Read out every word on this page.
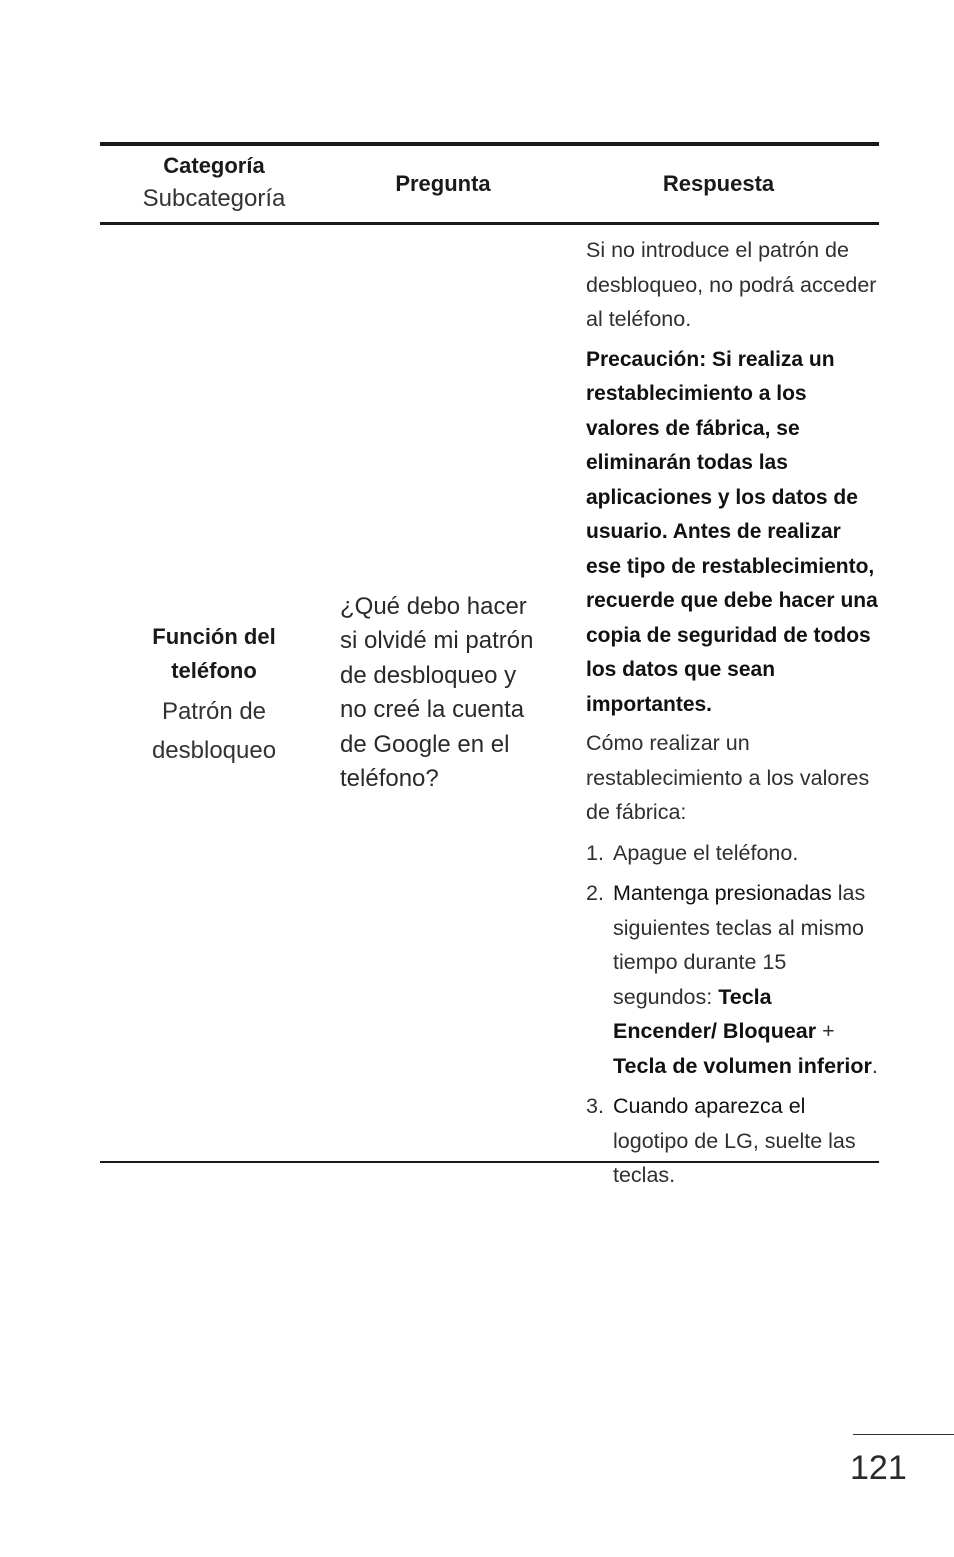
Categoría
Subcategoría
Pregunta	Respuesta
Función del teléfono
Patrón de desbloqueo
¿Qué debo hacer si olvidé mi patrón de desbloqueo y no creé la cuenta de Google en el teléfono?

Si no introduce el patrón de desbloqueo, no podrá acceder al teléfono.

Precaución: Si realiza un restablecimiento a los valores de fábrica, se eliminarán todas las aplicaciones y los datos de usuario. Antes de realizar ese tipo de restablecimiento, recuerde que debe hacer una copia de seguridad de todos los datos que sean importantes.

Cómo realizar un restablecimiento a los valores de fábrica:

1. Apague el teléfono.
2. Mantenga presionadas las siguientes teclas al mismo tiempo durante 15 segundos: Tecla Encender/ Bloquear + Tecla de volumen inferior.
3. Cuando aparezca el logotipo de LG, suelte las teclas.
121
